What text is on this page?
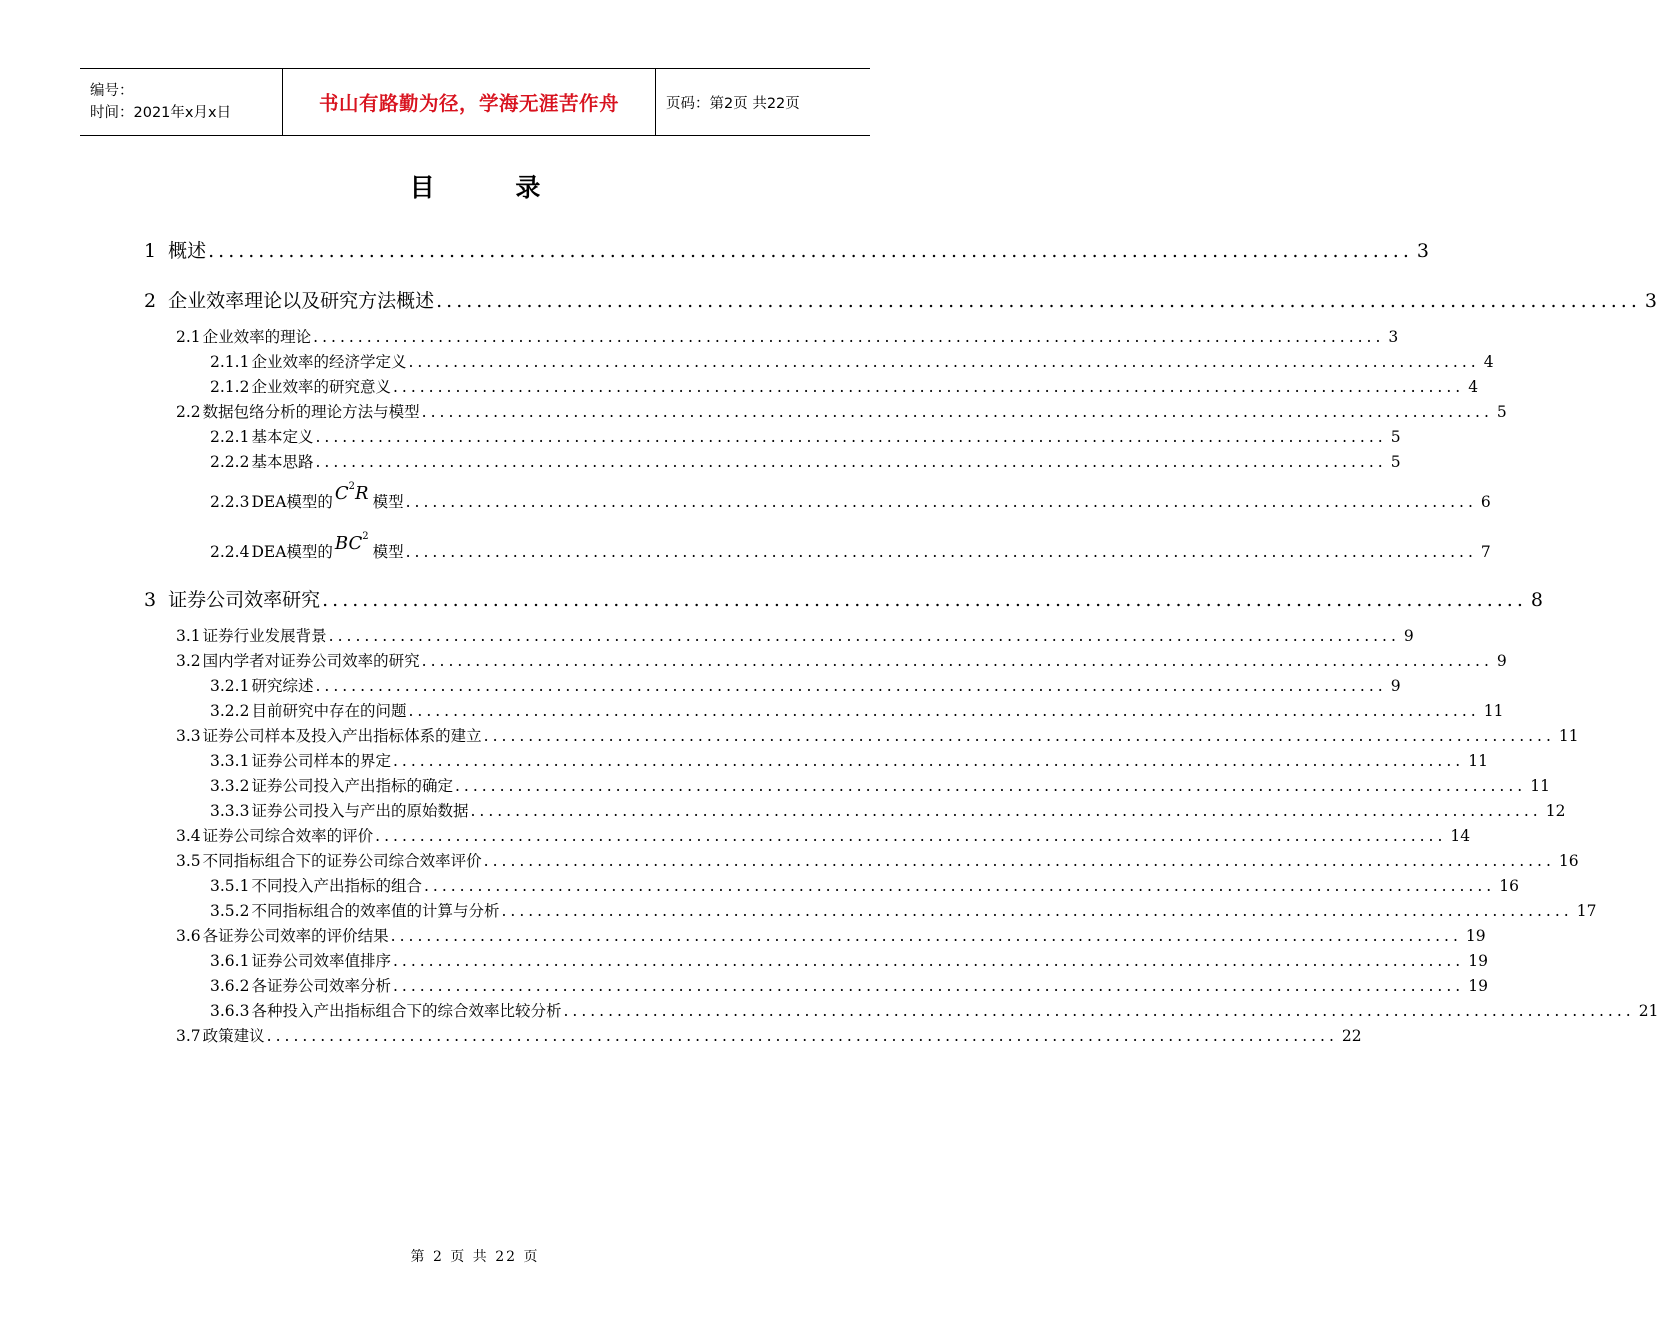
编号：
时间：2021年x月x日	书山有路勤为径，学海无涯苦作舟	页码：第2页 共22页
目 录
1 概述 ........................................................................................................................ 3
2 企业效率理论以及研究方法概述 ........................................................................................................................ 3
2.1 企业效率的理论 ........................................................................................................................ 3
2.1.1 企业效率的经济学定义 ........................................................................................................................ 4
2.1.2 企业效率的研究意义 ........................................................................................................................ 4
2.2 数据包络分析的理论方法与模型 ........................................................................................................................ 5
2.2.1 基本定义 ........................................................................................................................ 5
2.2.2 基本思路 ........................................................................................................................ 5
2.2.3 DEA模型的 $C^2R$ 模型 ........................................................................................................................ 6
2.2.4 DEA模型的 $BC^2$
模型 ........................................................................................................................ 7
3 证券公司效率研究 ........................................................................................................................ 8
3.1 证券行业发展背景 ........................................................................................................................ 9
3.2 国内学者对证券公司效率的研究 ........................................................................................................................ 9
3.2.1 研究综述 ........................................................................................................................ 9
3.2.2 目前研究中存在的问题 ........................................................................................................................ 11
3.3 证券公司样本及投入产出指标体系的建立 ........................................................................................................................ 11
3.3.1 证券公司样本的界定 ........................................................................................................................ 11
3.3.2 证券公司投入产出指标的确定 ........................................................................................................................ 11
3.3.3 证券公司投入与产出的原始数据 ........................................................................................................................ 12
3.4 证券公司综合效率的评价 ........................................................................................................................ 14
3.5 不同指标组合下的证券公司综合效率评价 ........................................................................................................................ 16
3.5.1 不同投入产出指标的组合 ........................................................................................................................ 16
3.5.2 不同指标组合的效率值的计算与分析 ........................................................................................................................ 17
3.6 各证券公司效率的评价结果 ........................................................................................................................ 19
3.6.1 证券公司效率值排序 ........................................................................................................................ 19
3.6.2 各证券公司效率分析 ........................................................................................................................ 19
3.6.3 各种投入产出指标组合下的综合效率比较分析 ........................................................................................................................ 21
3.7 政策建议 ........................................................................................................................ 22
第 2 页 共 22 页
